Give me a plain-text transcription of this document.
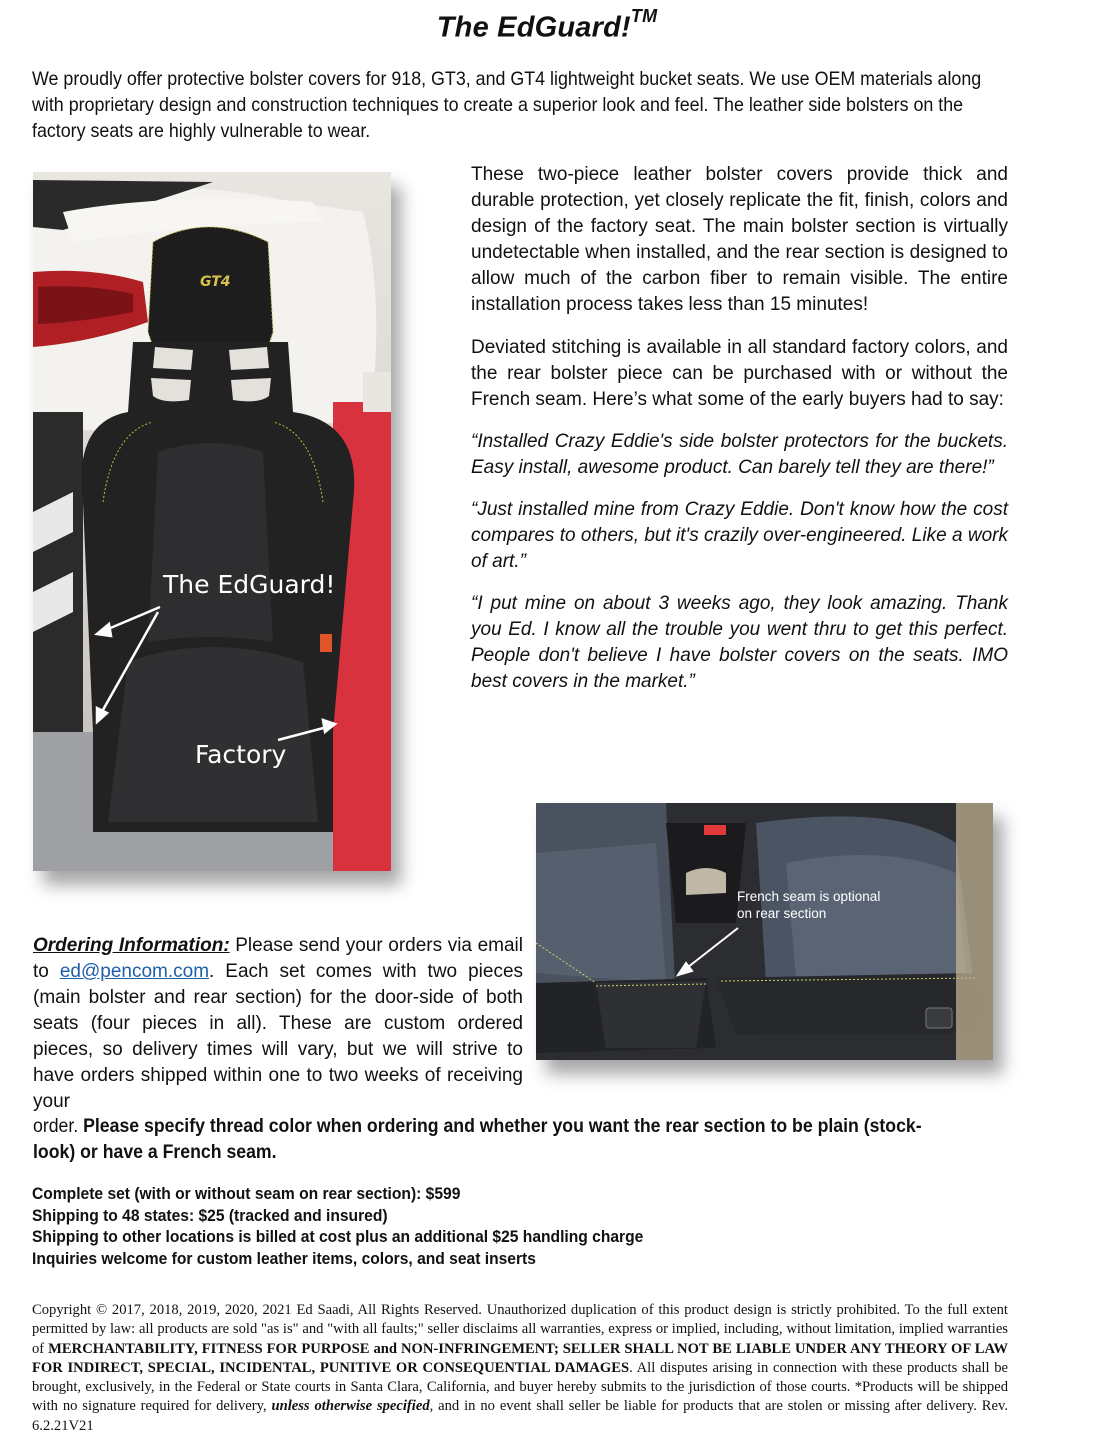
The EdGuard!™
We proudly offer protective bolster covers for 918, GT3, and GT4 lightweight bucket seats. We use OEM materials along with proprietary design and construction techniques to create a superior look and feel. The leather side bolsters on the factory seats are highly vulnerable to wear.
GT4
The EdGuard!
Factory

These two-piece leather bolster covers provide thick and durable protection, yet closely replicate the fit, finish, colors and design of the factory seat. The main bolster section is virtually undetectable when installed, and the rear section is designed to allow much of the carbon fiber to remain visible. The entire installation process takes less than 15 minutes!

Deviated stitching is available in all standard factory colors, and the rear bolster piece can be purchased with or without the French seam. Here’s what some of the early buyers had to say:

“Installed Crazy Eddie's side bolster protectors for the buckets. Easy install, awesome product. Can barely tell they are there!”

“Just installed mine from Crazy Eddie. Don't know how the cost compares to others, but it's crazily over-engineered. Like a work of art.”

“I put mine on about 3 weeks ago, they look amazing. Thank you Ed. I know all the trouble you went thru to get this perfect. People don't believe I have bolster covers on the seats. IMO best covers in the market.”

French seam is optional
on rear section
Ordering Information: Please send your orders via email to ed@pencom.com. Each set comes with two pieces (main bolster and rear section) for the door-side of both seats (four pieces in all). These are custom ordered pieces, so delivery times will vary, but we will strive to have orders shipped within one to two weeks of receiving your
order. Please specify thread color when ordering and whether you want the rear section to be plain (stock-look) or have a French seam.
Complete set (with or without seam on rear section): $599
Shipping to 48 states: $25 (tracked and insured)
Shipping to other locations is billed at cost plus an additional $25 handling charge
Inquiries welcome for custom leather items, colors, and seat inserts
Copyright © 2017, 2018, 2019, 2020, 2021 Ed Saadi, All Rights Reserved. Unauthorized duplication of this product design is strictly prohibited. To the full extent permitted by law: all products are sold "as is" and "with all faults;" seller disclaims all warranties, express or implied, including, without limitation, implied warranties of MERCHANTABILITY, FITNESS FOR PURPOSE and NON-INFRINGEMENT; SELLER SHALL NOT BE LIABLE UNDER ANY THEORY OF LAW FOR INDIRECT, SPECIAL, INCIDENTAL, PUNITIVE OR CONSEQUENTIAL DAMAGES. All disputes arising in connection with these products shall be brought, exclusively, in the Federal or State courts in Santa Clara, California, and buyer hereby submits to the jurisdiction of those courts. *Products will be shipped with no signature required for delivery, unless otherwise specified, and in no event shall seller be liable for products that are stolen or missing after delivery. Rev. 6.2.21V21
